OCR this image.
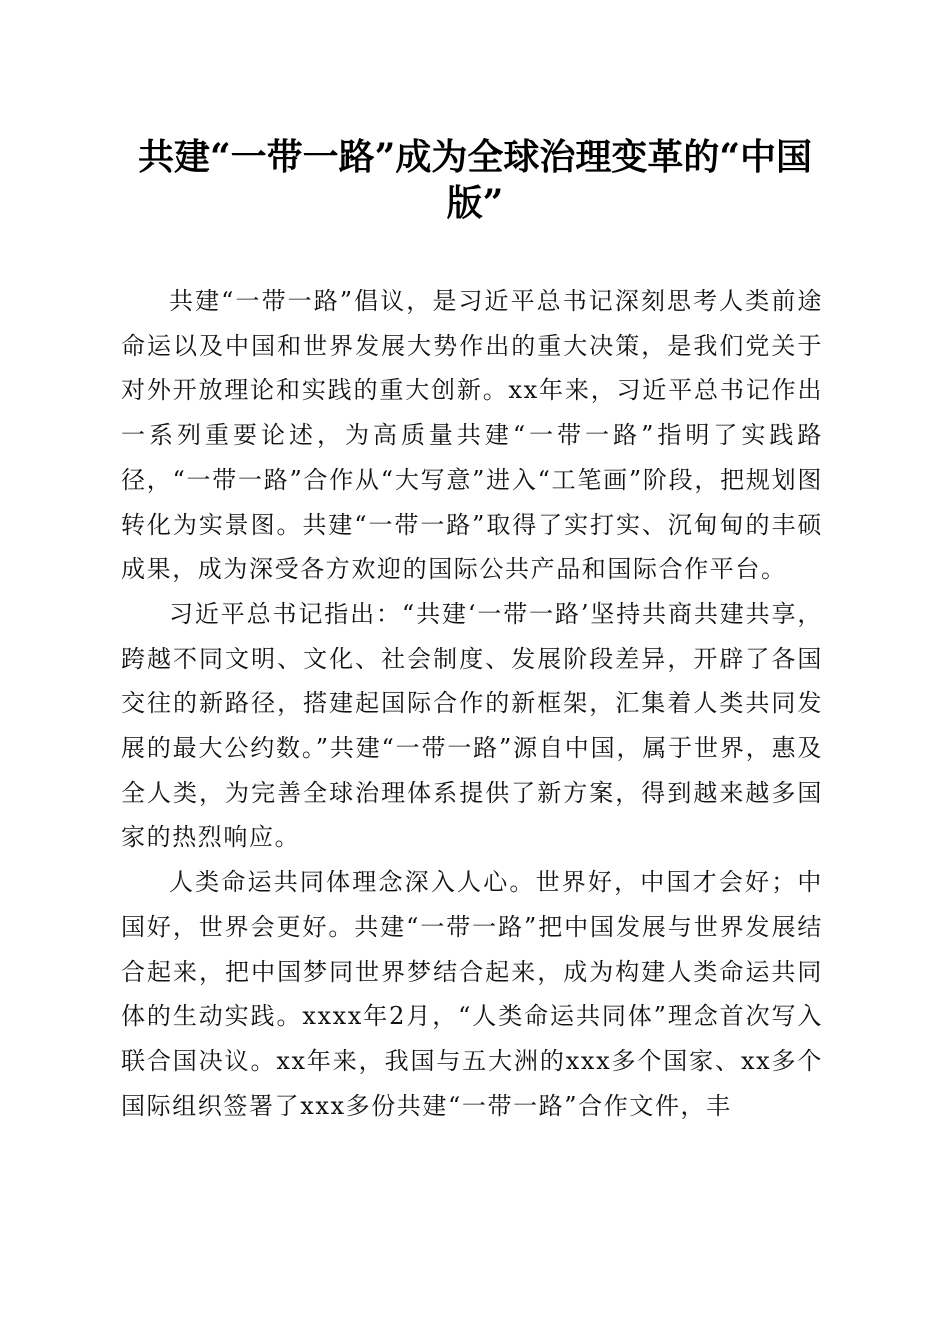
共建“一带一路”成为全球治理变革的“中国版”

共建“一带一路”倡议，是习近平总书记深刻思考人类前途命运以及中国和世界发展大势作出的重大决策，是我们党关于对外开放理论和实践的重大创新。xx年来，习近平总书记作出一系列重要论述，为高质量共建“一带一路”指明了实践路径，“一带一路”合作从“大写意”进入“工笔画”阶段，把规划图转化为实景图。共建“一带一路”取得了实打实、沉甸甸的丰硕成果，成为深受各方欢迎的国际公共产品和国际合作平台。

习近平总书记指出：“共建‘一带一路’坚持共商共建共享，跨越不同文明、文化、社会制度、发展阶段差异，开辟了各国交往的新路径，搭建起国际合作的新框架，汇集着人类共同发展的最大公约数。”共建“一带一路”源自中国，属于世界，惠及全人类，为完善全球治理体系提供了新方案，得到越来越多国家的热烈响应。

人类命运共同体理念深入人心。世界好，中国才会好；中国好，世界会更好。共建“一带一路”把中国发展与世界发展结合起来，把中国梦同世界梦结合起来，成为构建人类命运共同体的生动实践。xxxx年2月，“人类命运共同体”理念首次写入联合国决议。xx年来，我国与五大洲的xxx多个国家、xx多个国际组织签署了xxx多份共建“一带一路”合作文件，丰
